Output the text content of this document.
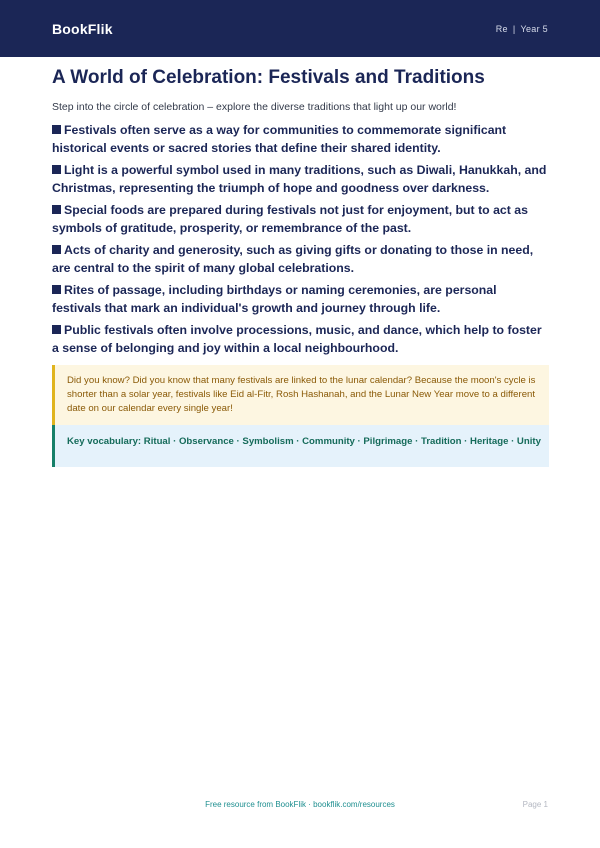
BookFlik	Re | Year 5
A World of Celebration: Festivals and Traditions

Step into the circle of celebration – explore the diverse traditions that light up our world!

Festivals often serve as a way for communities to commemorate significant historical events or sacred stories that define their shared identity.
Light is a powerful symbol used in many traditions, such as Diwali, Hanukkah, and Christmas, representing the triumph of hope and goodness over darkness.
Special foods are prepared during festivals not just for enjoyment, but to act as symbols of gratitude, prosperity, or remembrance of the past.
Acts of charity and generosity, such as giving gifts or donating to those in need, are central to the spirit of many global celebrations.
Rites of passage, including birthdays or naming ceremonies, are personal festivals that mark an individual's growth and journey through life.
Public festivals often involve processions, music, and dance, which help to foster a sense of belonging and joy within a local neighbourhood.
Did you know? Did you know that many festivals are linked to the lunar calendar? Because the moon's cycle is shorter than a solar year, festivals like Eid al-Fitr, Rosh Hashanah, and the Lunar New Year move to a different date on our calendar every single year!
Key vocabulary: Ritual · Observance · Symbolism · Community · Pilgrimage · Tradition · Heritage · Unity
Free resource from BookFlik · bookflik.com/resources	Page 1
